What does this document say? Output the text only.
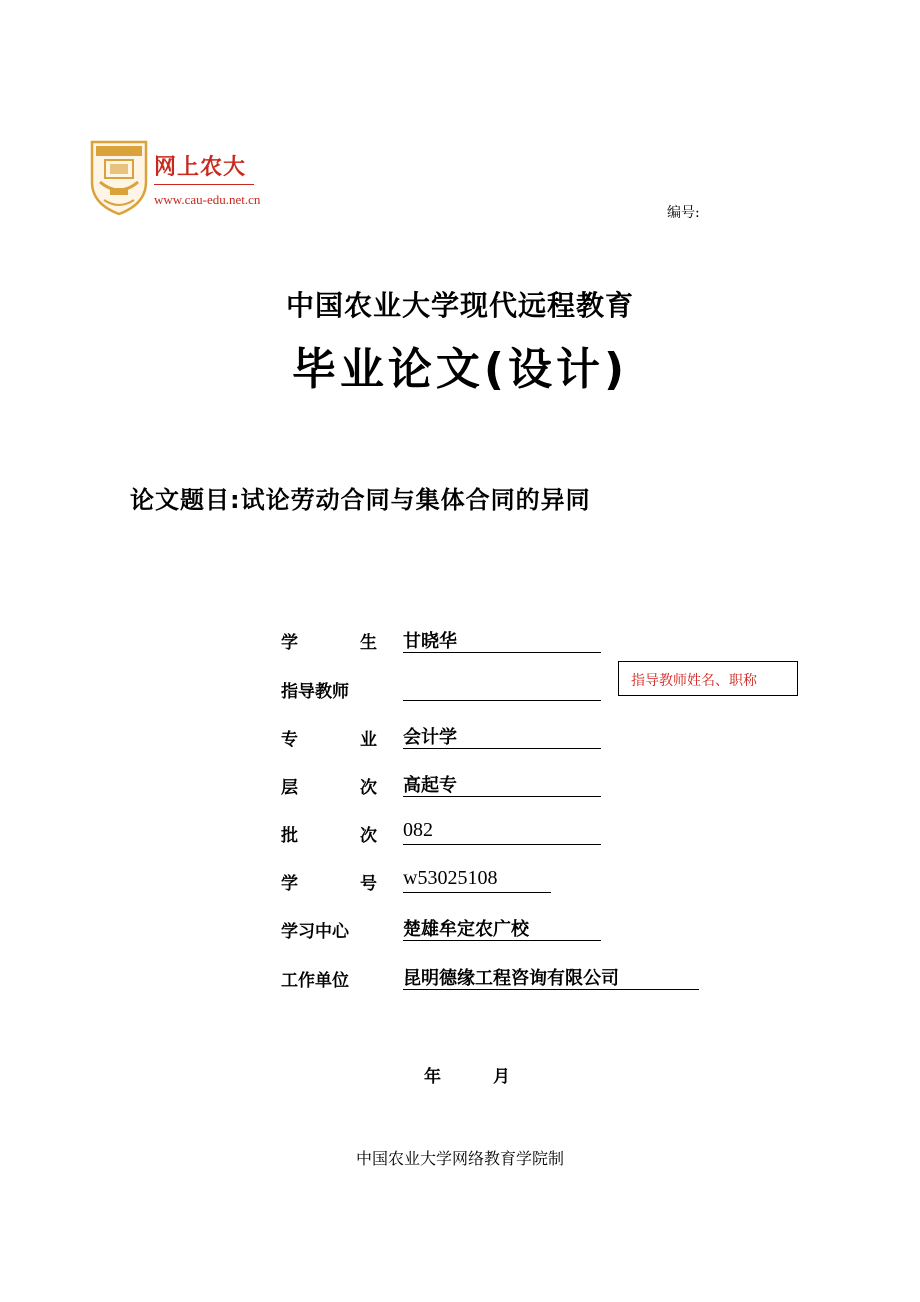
网上农大
www.cau-edu.net.cn
编号:
中国农业大学现代远程教育
毕业论文(设计)
论文题目:试论劳动合同与集体合同的异同
学	生 甘晓华
指导教师
专	业 会计学
层	次 高起专
批	次 082
学	号 w53025108
学习中心	楚雄牟定农广校
工作单位	昆明德缘工程咨询有限公司
指导教师姓名、职称
年	月
中国农业大学网络教育学院制
